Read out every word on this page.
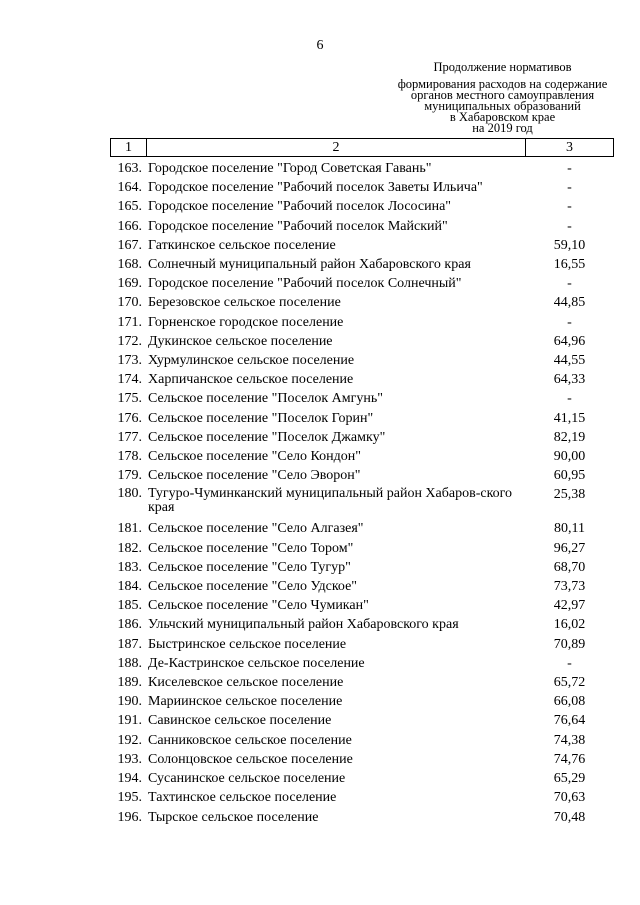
6
Продолжение нормативов
формирования расходов на содержание
органов местного самоуправления
муниципальных образований
в Хабаровском крае
на 2019 год
1	2	3
163. Городское поселение "Город Советская Гавань"	-
164. Городское поселение "Рабочий поселок Заветы Ильича"	-
165. Городское поселение "Рабочий поселок Лососина"	-
166. Городское поселение "Рабочий поселок Майский"	-
167. Гаткинское сельское поселение	59,10
168. Солнечный муниципальный район Хабаровского края	16,55
169. Городское поселение "Рабочий поселок Солнечный"	-
170. Березовское сельское поселение	44,85
171. Горненское городское поселение	-
172. Дукинское сельское поселение	64,96
173. Хурмулинское сельское поселение	44,55
174. Харпичанское сельское поселение	64,33
175. Сельское поселение "Поселок Амгунь"	-
176. Сельское поселение "Поселок Горин"	41,15
177. Сельское поселение "Поселок Джамку"	82,19
178. Сельское поселение "Село Кондон"	90,00
179. Сельское поселение "Село Эворон"	60,95
180. Тугуро-Чуминканский муниципальный район Хабаров-ского края
25,38
181. Сельское поселение "Село Алгазея"	80,11
182. Сельское поселение "Село Тором"	96,27
183. Сельское поселение "Село Тугур"	68,70
184. Сельское поселение "Село Удское"	73,73
185. Сельское поселение "Село Чумикан"	42,97
186. Ульчский муниципальный район Хабаровского края	16,02
187. Быстринское сельское поселение	70,89
188. Де-Кастринское сельское поселение	-
189. Киселевское сельское поселение	65,72
190. Мариинское сельское поселение	66,08
191. Савинское сельское поселение	76,64
192. Санниковское сельское поселение	74,38
193. Солонцовское сельское поселение	74,76
194. Сусанинское сельское поселение	65,29
195. Тахтинское сельское поселение	70,63
196. Тырское сельское поселение	70,48
